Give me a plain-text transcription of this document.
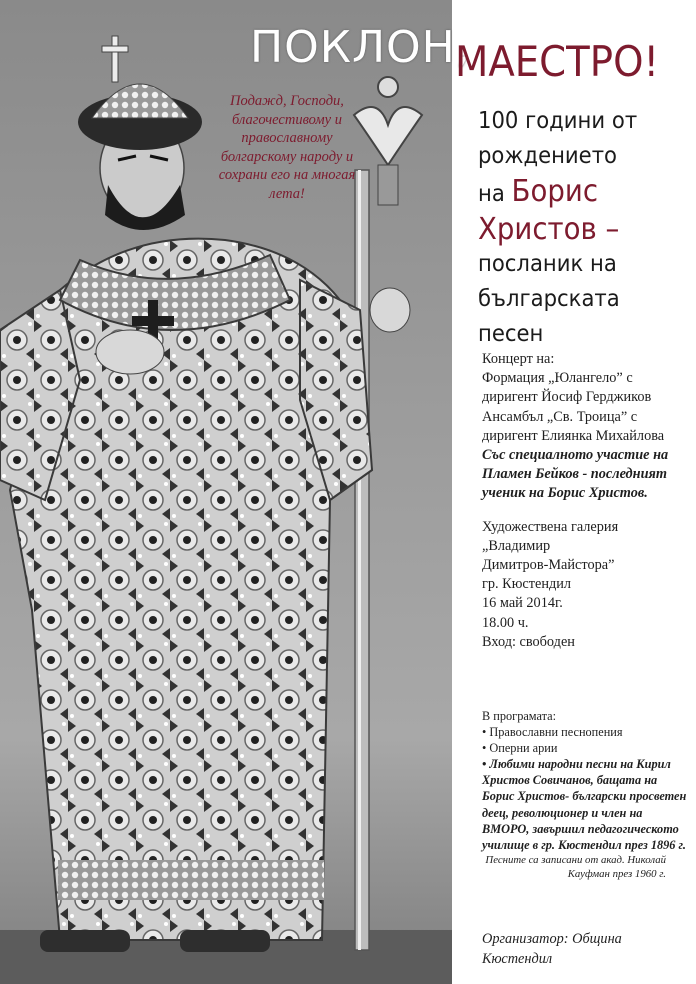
ПОКЛОН,
МАЕСТРО!
Подажд, Господи, благочестивому и православному болгарскому народу и сохрани его на многая лета!
100 години от
рождението
на Борис
Христов –
посланик на
българската
песен

Концерт на:

Формация „Юлангело” с диригент Йосиф Герджиков

Ансамбъл „Св. Троица” с диригент Елиянка Михайлова

Със специалното участие на Пламен Бейков - последният ученик на Борис Христов.

Художествена галерия

„Владимир

Димитров-Майстора”

гр. Кюстендил

16 май 2014г.

18.00 ч.

Вход: свободен

В програмата:

• Православни песнопения

• Оперни арии

• Любими народни песни на Кирил Христов Совичанов, бащата на Борис Христов- български просветен деец, революционер и член на ВМОРО, завършил педагогическото училище в гр. Кюстендил през 1896 г.

Песните са записани от акад. Николай Кауфман през 1960 г.

Организатор: Община Кюстендил
